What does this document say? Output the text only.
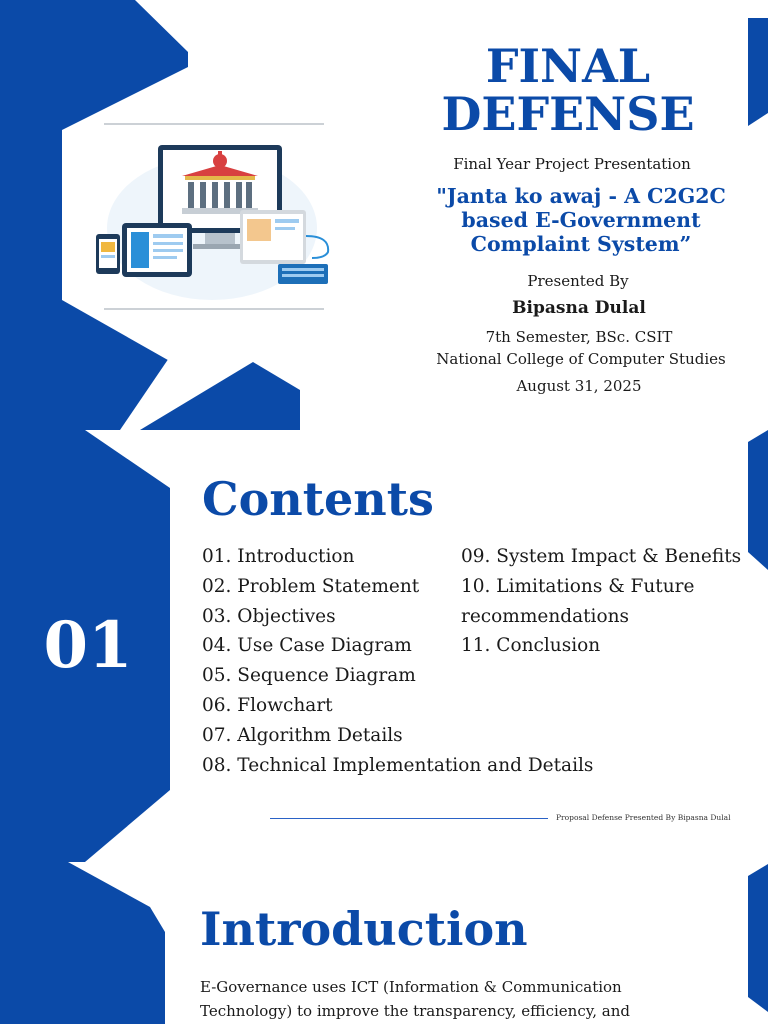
FINAL DEFENSE
Final Year Project Presentation
"Janta ko awaj - A C2G2C based E-Government Complaint System”
Presented By
Bipasna Dulal
7th Semester, BSc. CSIT
National College of Computer Studies
August 31, 2025
01
Contents
01. Introduction
02. Problem Statement
03. Objectives
04. Use Case Diagram
05. Sequence Diagram
06. Flowchart
07. Algorithm Details
08. Technical Implementation and Details
09. System Impact & Benefits
10. Limitations & Future
recommendations
11. Conclusion
Proposal Defense Presented By Bipasna Dulal
Introduction
E-Governance uses ICT (Information & Communication Technology) to improve the transparency, efficiency, and
